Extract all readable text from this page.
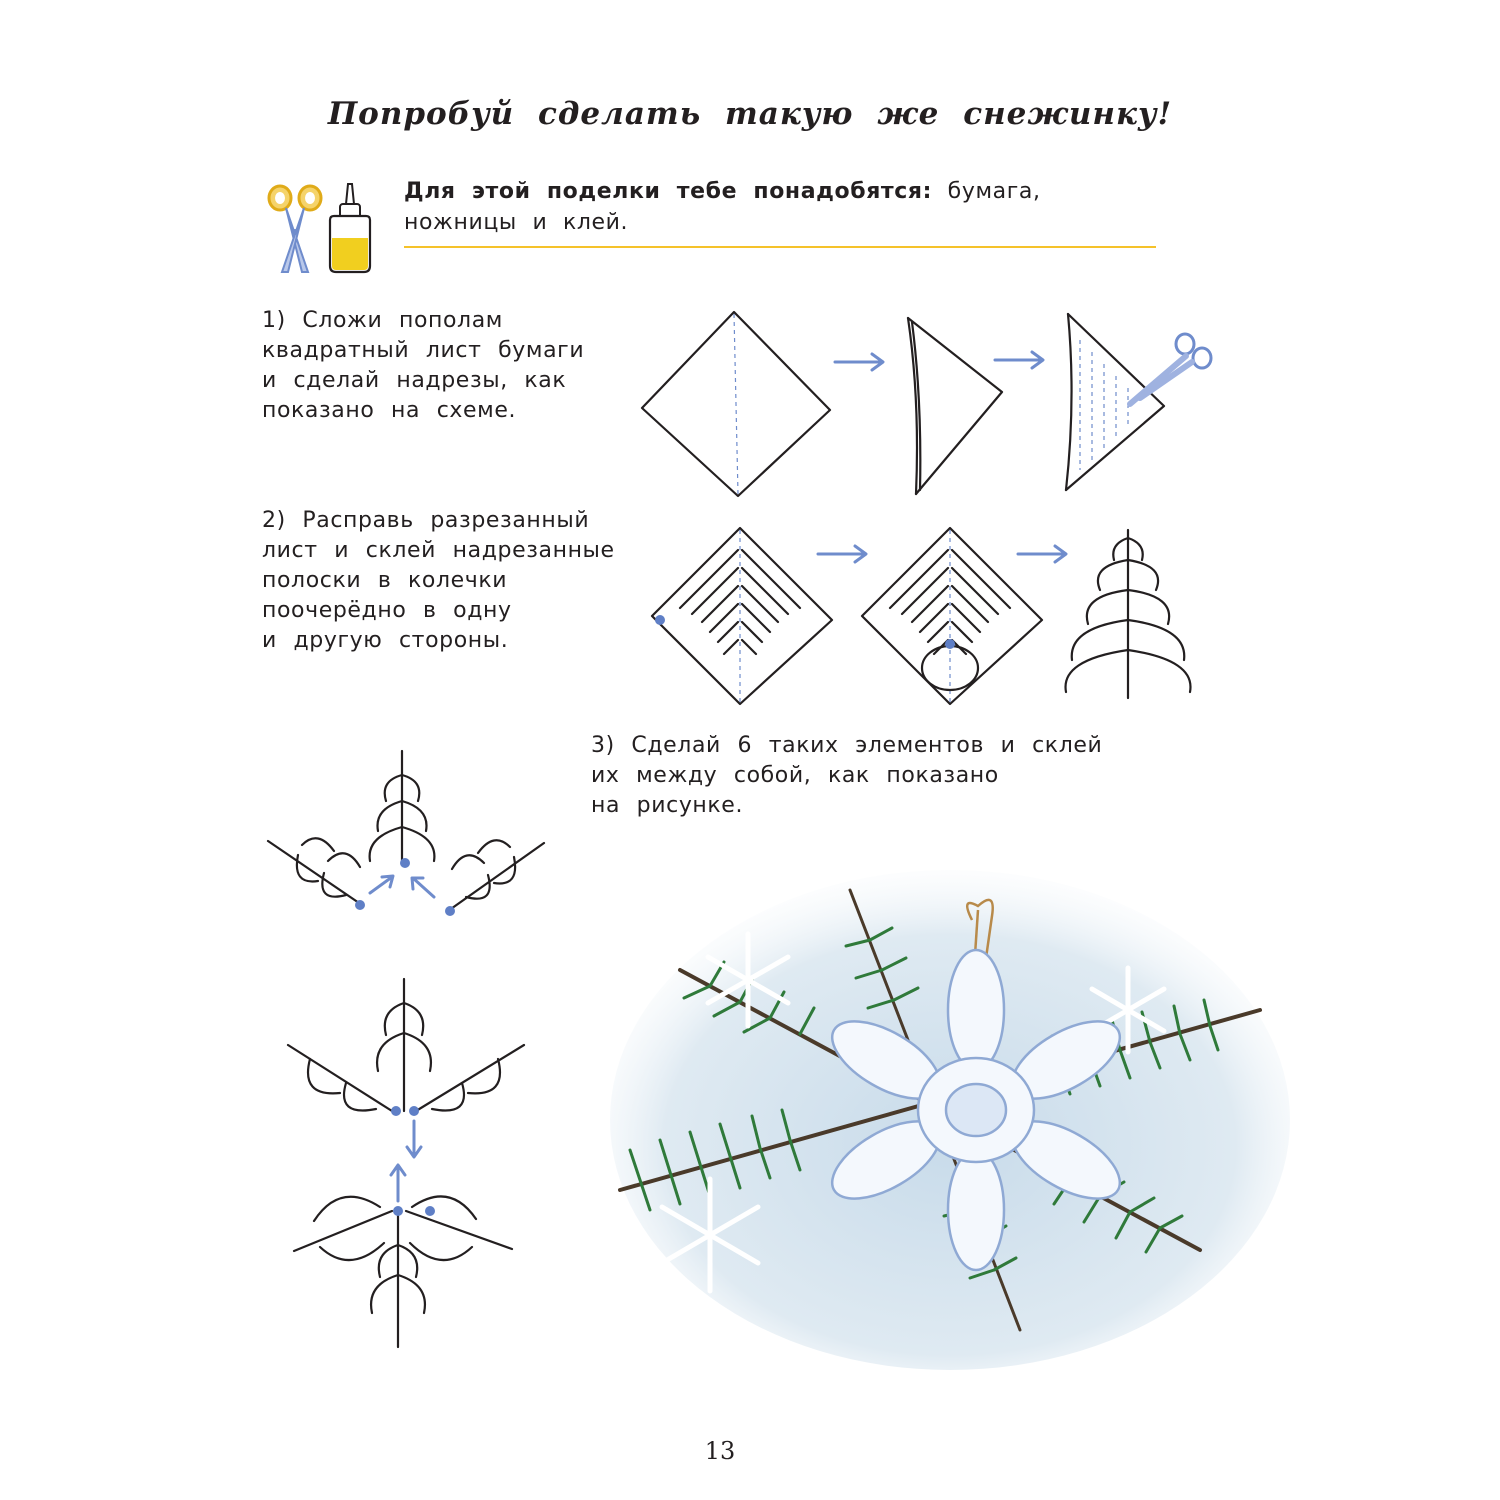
Попробуй сделать такую же снежинку!
Для этой поделки тебе понадобятся: бумага, ножницы и клей.
1) Сложи пополам
квадратный лист бумаги
и сделай надрезы, как
показано на схеме.
2) Расправь разрезанный
лист и склей надрезанные
полоски в колечки
поочерёдно в одну
и другую стороны.
3) Сделай 6 таких элементов и склей
их между собой, как показано
на рисунке.
13
